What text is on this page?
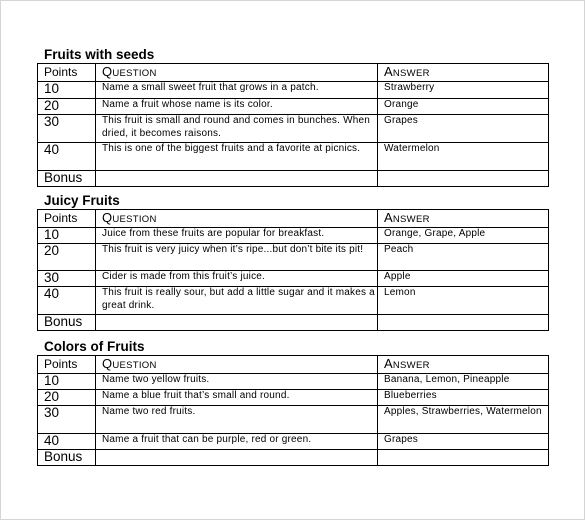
Fruits with seeds
Points	QUESTION	ANSWER
10	Name a small sweet fruit that grows in a patch.	Strawberry
20	Name a fruit whose name is its color.	Orange
30	This fruit is small and round and comes in bunches. When dried, it becomes raisons.	Grapes
40	This is one of the biggest fruits and a favorite at picnics.	Watermelon
Bonus		
Juicy Fruits
Points	QUESTION	ANSWER
10	Juice from these fruits are popular for breakfast.	Orange, Grape, Apple
20	This fruit is very juicy when it’s ripe...but don’t bite its pit!	Peach
30	Cider is made from this fruit’s juice.	Apple
40	This fruit is really sour, but add a little sugar and it makes a great drink.	Lemon
Bonus		
Colors of Fruits
Points	QUESTION	ANSWER
10	Name two yellow fruits.	Banana, Lemon, Pineapple
20	Name a blue fruit that’s small and round.	Blueberries
30	Name two red fruits.	Apples, Strawberries, Watermelon
40	Name a fruit that can be purple, red or green.	Grapes
Bonus		
